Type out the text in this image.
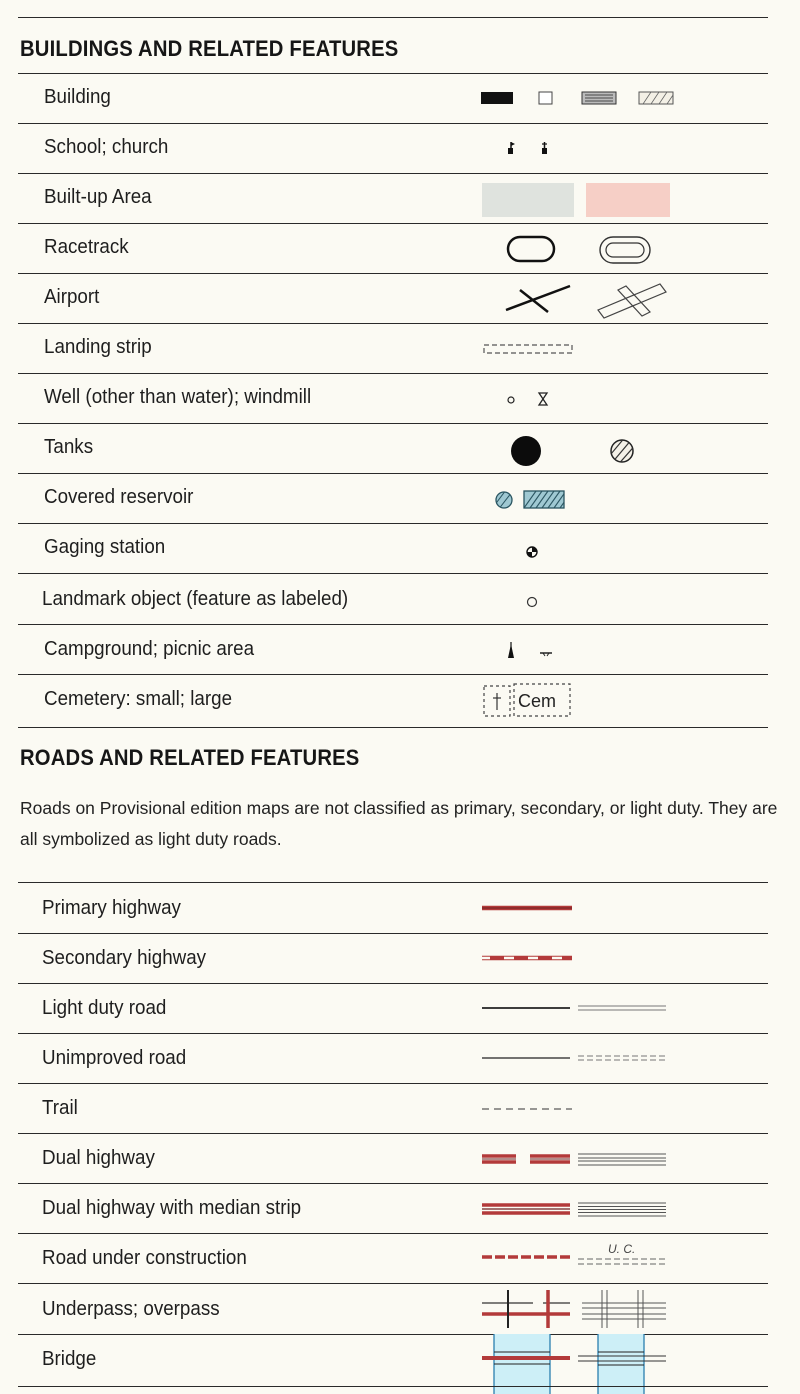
BUILDINGS AND RELATED FEATURES
Building
School; church
Built-up Area
Racetrack
Airport
Landing strip
Well (other than water); windmill
Tanks
Covered reservoir
Gaging station
Landmark object (feature as labeled)
Campground; picnic area
Cemetery: small; large	Cem
ROADS AND RELATED FEATURES
Roads on Provisional edition maps are not classified as primary, secondary, or light duty. They are all symbolized as light duty roads.
Primary highway
Secondary highway
Light duty road
Unimproved road
Trail
Dual highway
Dual highway with median strip
Road under construction	U. C.
Underpass; overpass
Bridge
